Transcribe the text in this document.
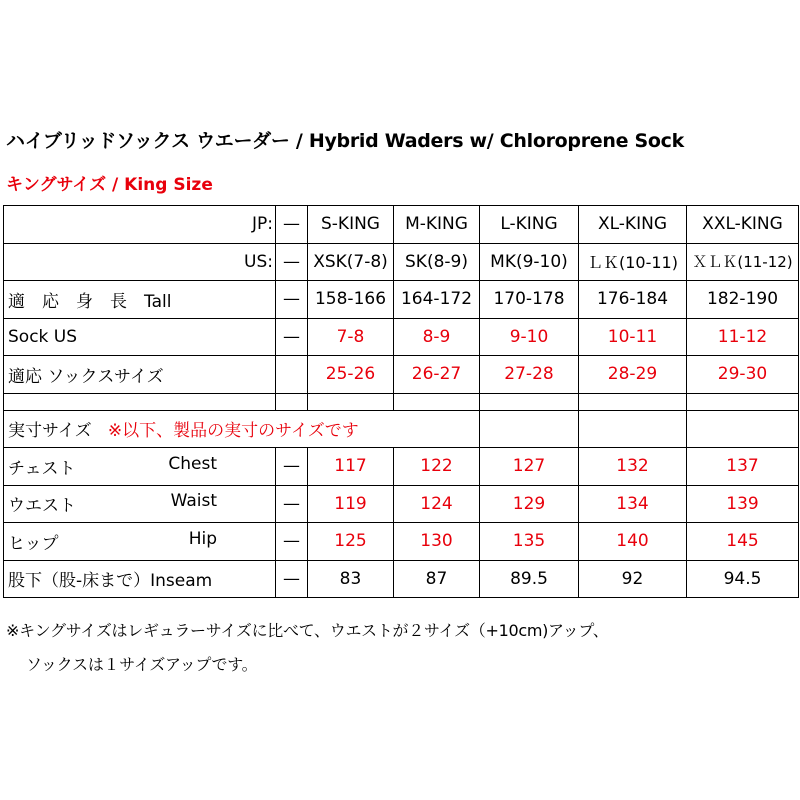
ハイブリッドソックス ウエーダー / Hybrid Waders w/ Chloroprene Sock
キングサイズ / King Size
JP:	—	S-KING	M-KING	L-KING	XL-KING	XXL-KING
US:	—	XSK(7-8)	SK(8-9)	MK(9-10)	ＬＫ(10-11)	ＸＬＫ(11-12)
適　応　身　長　Tall	—	158-166	164-172	170-178	176-184	182-190
Sock US	—	7-8	8-9	9-10	10-11	11-12
適応 ソックスサイズ		25-26	26-27	27-28	28-29	29-30

実寸サイズ ※以下、製品の実寸のサイズです						

チェスト Chest	—	117	122	127	132	137

ウエスト Waist	—	119	124	129	134	139

ヒップ Hip	—	125	130	135	140	145
股下（股-床まで）Inseam	—	83	87	89.5	92	94.5
※キングサイズはレギュラーサイズに比べて、ウエストが２サイズ（+10cm)アップ、
ソックスは１サイズアップです。
